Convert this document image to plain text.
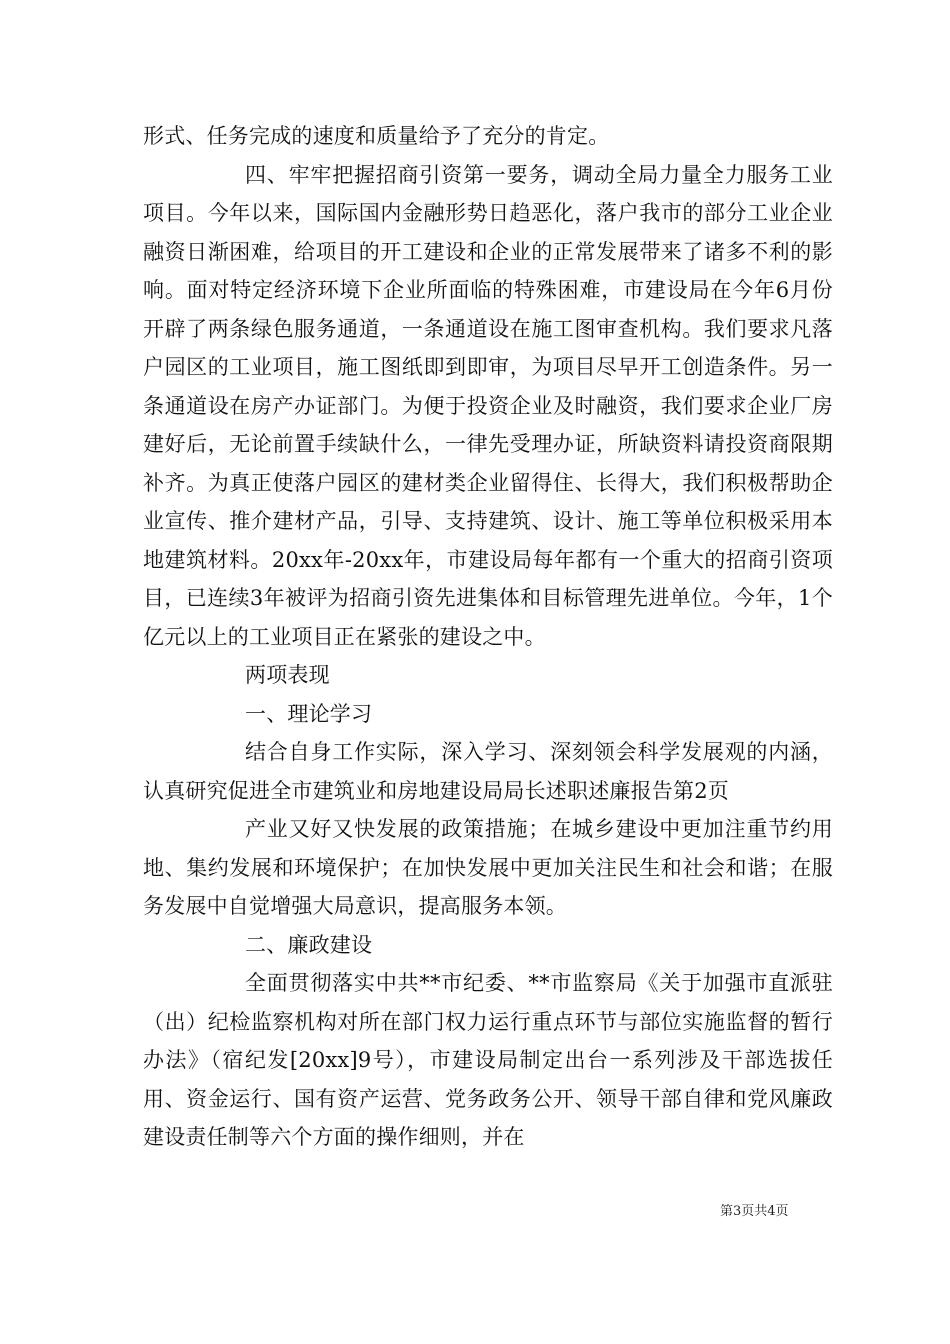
形式、任务完成的速度和质量给予了充分的肯定。

四、牢牢把握招商引资第一要务，调动全局力量全力服务工业项目。今年以来，国际国内金融形势日趋恶化，落户我市的部分工业企业融资日渐困难，给项目的开工建设和企业的正常发展带来了诸多不利的影响。面对特定经济环境下企业所面临的特殊困难，市建设局在今年6月份开辟了两条绿色服务通道，一条通道设在施工图审查机构。我们要求凡落户园区的工业项目，施工图纸即到即审，为项目尽早开工创造条件。另一条通道设在房产办证部门。为便于投资企业及时融资，我们要求企业厂房建好后，无论前置手续缺什么，一律先受理办证，所缺资料请投资商限期补齐。为真正使落户园区的建材类企业留得住、长得大，我们积极帮助企业宣传、推介建材产品，引导、支持建筑、设计、施工等单位积极采用本地建筑材料。20xx年-20xx年，市建设局每年都有一个重大的招商引资项目，已连续3年被评为招商引资先进集体和目标管理先进单位。今年，1个亿元以上的工业项目正在紧张的建设之中。

两项表现

一、理论学习

结合自身工作实际，深入学习、深刻领会科学发展观的内涵，认真研究促进全市建筑业和房地建设局局长述职述廉报告第2页

产业又好又快发展的政策措施；在城乡建设中更加注重节约用地、集约发展和环境保护；在加快发展中更加关注民生和社会和谐；在服务发展中自觉增强大局意识，提高服务本领。

二、廉政建设

全面贯彻落实中共**市纪委、**市监察局《关于加强市直派驻（出）纪检监察机构对所在部门权力运行重点环节与部位实施监督的暂行办法》（宿纪发[20xx]9号），市建设局制定出台一系列涉及干部选拔任用、资金运行、国有资产运营、党务政务公开、领导干部自律和党风廉政建设责任制等六个方面的操作细则，并在

第3页共4页
